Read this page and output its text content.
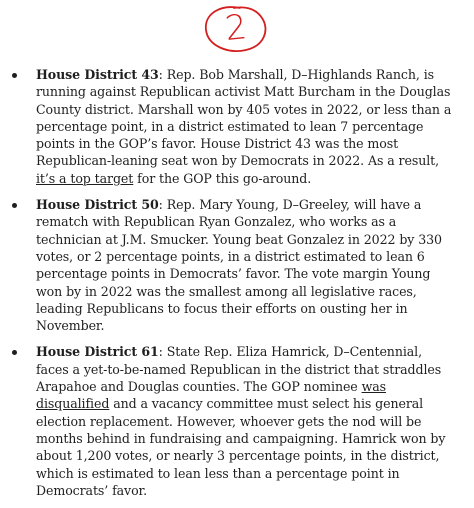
2
House District 43: Rep. Bob Marshall, D–Highlands Ranch, is running against Republican activist Matt Burcham in the Douglas County district. Marshall won by 405 votes in 2022, or less than a percentage point, in a district estimated to lean 7 percentage points in the GOP’s favor. House District 43 was the most Republican-leaning seat won by Democrats in 2022. As a result, it’s a top target for the GOP this go-around.
House District 50: Rep. Mary Young, D–Greeley, will have a rematch with Republican Ryan Gonzalez, who works as a technician at J.M. Smucker. Young beat Gonzalez in 2022 by 330 votes, or 2 percentage points, in a district estimated to lean 6 percentage points in Democrats’ favor. The vote margin Young won by in 2022 was the smallest among all legislative races, leading Republicans to focus their efforts on ousting her in November.
House District 61: State Rep. Eliza Hamrick, D–Centennial, faces a yet-to-be-named Republican in the district that straddles Arapahoe and Douglas counties. The GOP nominee was disqualified and a vacancy committee must select his general election replacement. However, whoever gets the nod will be months behind in fundraising and campaigning. Hamrick won by about 1,200 votes, or nearly 3 percentage points, in the district, which is estimated to lean less than a percentage point in Democrats’ favor.
